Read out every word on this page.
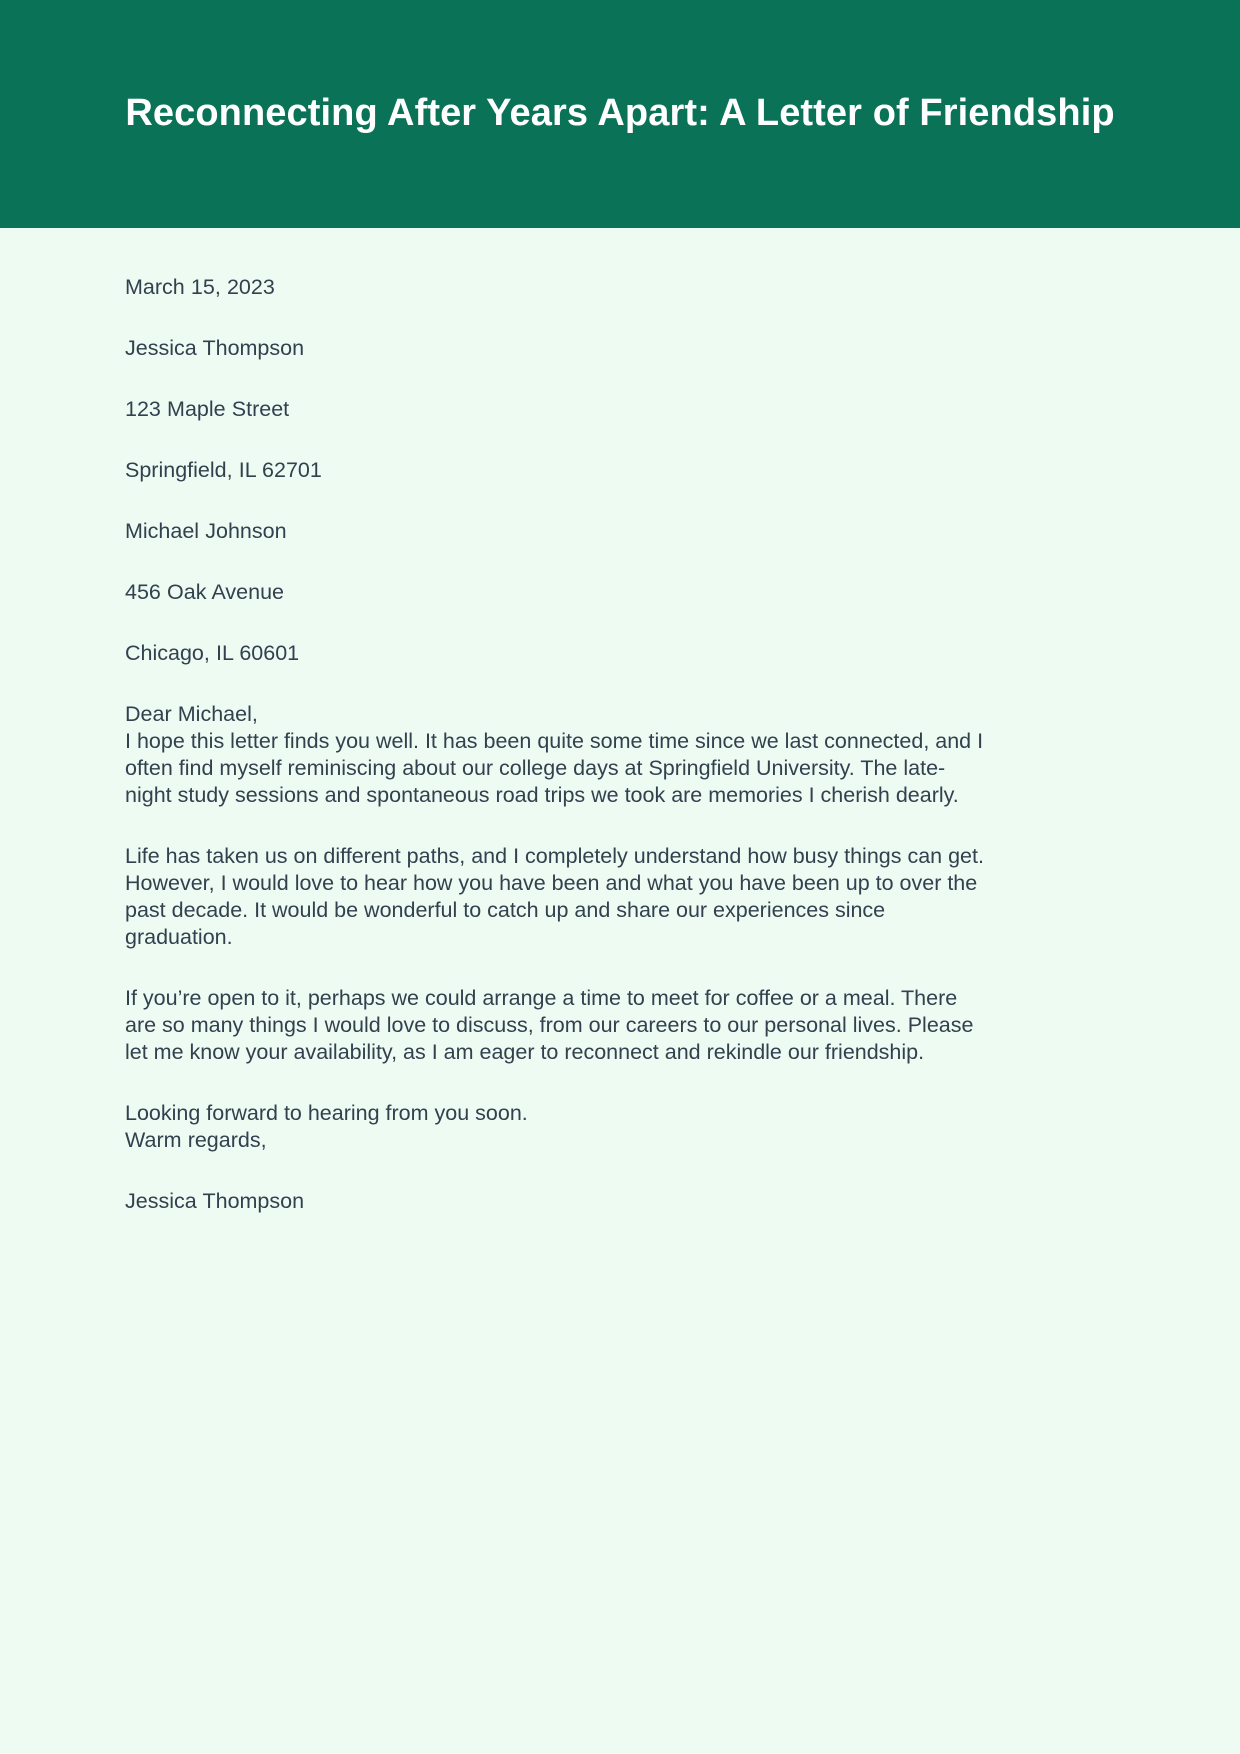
Reconnecting After Years Apart: A Letter of Friendship

March 15, 2023

Jessica Thompson

123 Maple Street

Springfield, IL 62701

Michael Johnson

456 Oak Avenue

Chicago, IL 60601

Dear Michael,

I hope this letter finds you well. It has been quite some time since we last connected, and I often find myself reminiscing about our college days at Springfield University. The late-night study sessions and spontaneous road trips we took are memories I cherish dearly.

Life has taken us on different paths, and I completely understand how busy things can get. However, I would love to hear how you have been and what you have been up to over the past decade. It would be wonderful to catch up and share our experiences since graduation.

If you’re open to it, perhaps we could arrange a time to meet for coffee or a meal. There are so many things I would love to discuss, from our careers to our personal lives. Please let me know your availability, as I am eager to reconnect and rekindle our friendship.

Looking forward to hearing from you soon.

Warm regards,

Jessica Thompson
